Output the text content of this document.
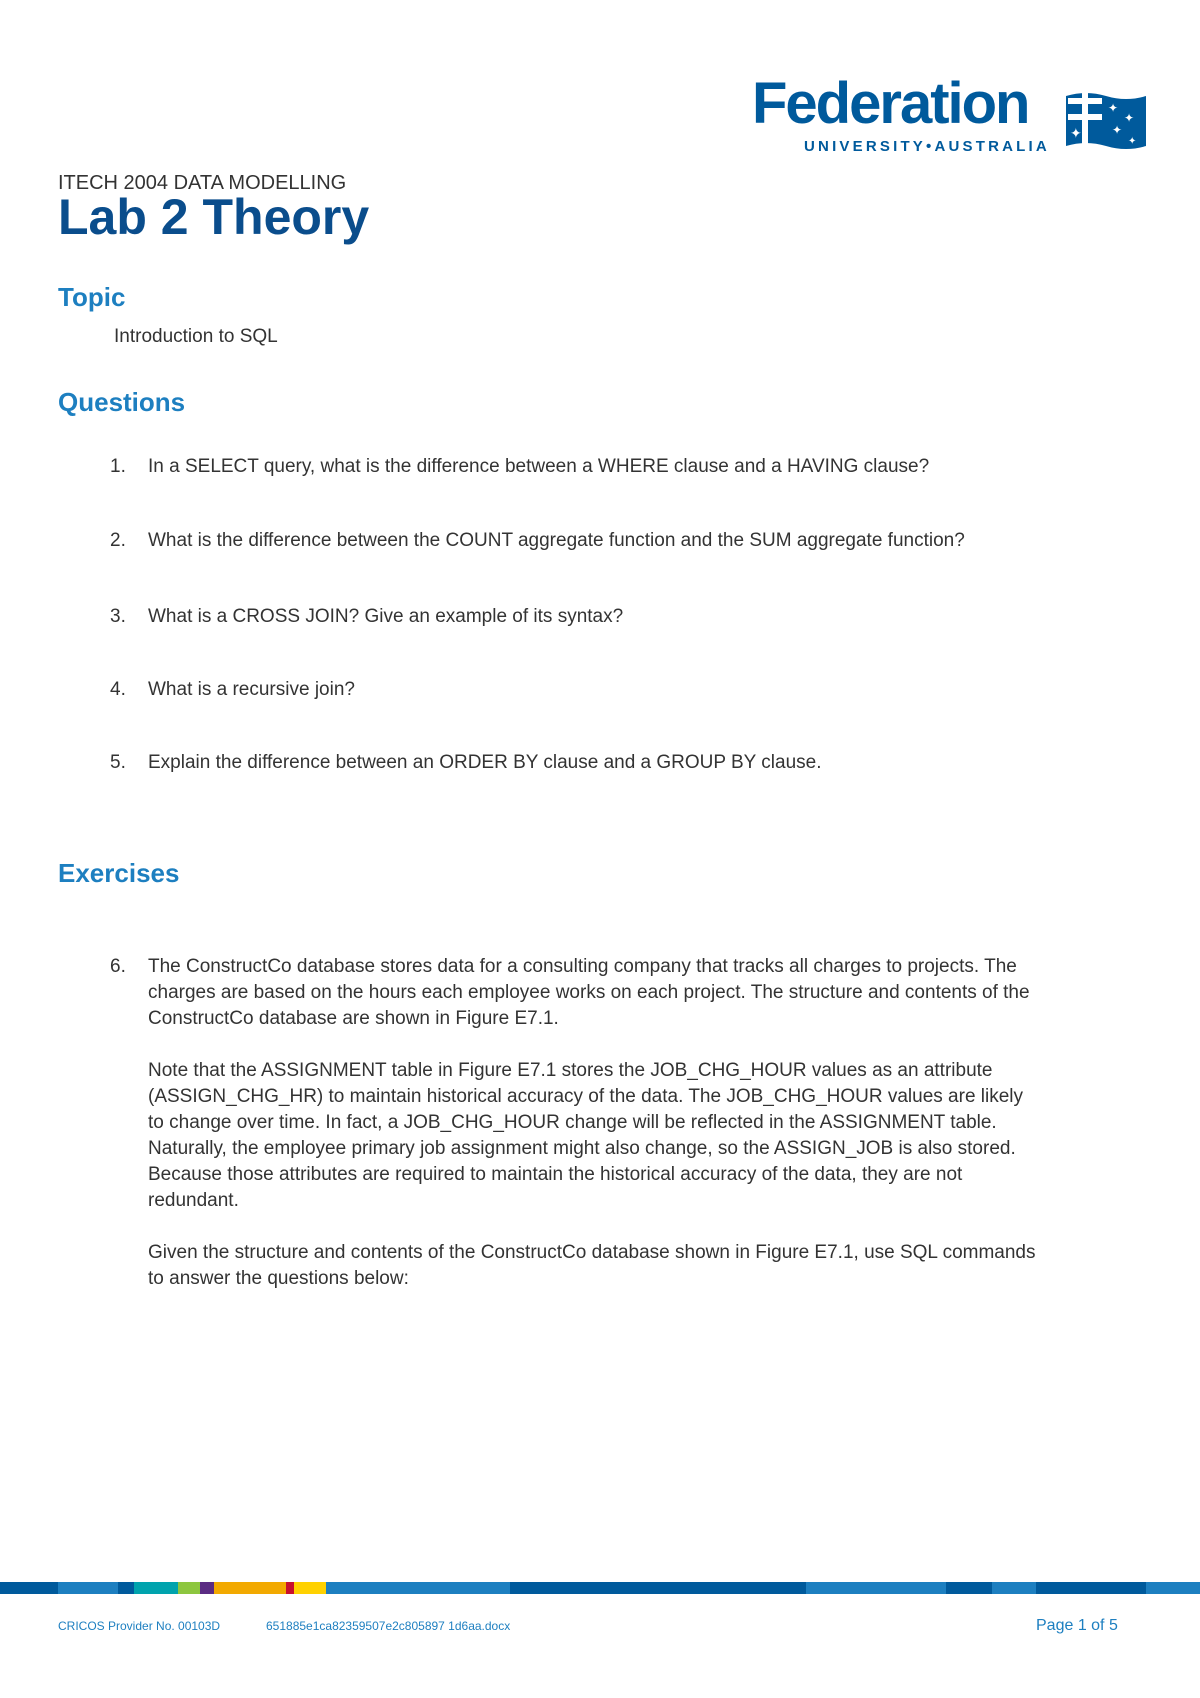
Federation
UNIVERSITY•AUSTRALIA
✦
✦
✦
✦
✦
ITECH 2004 DATA MODELLING
Lab 2 Theory
Topic
Introduction to SQL
Questions
1.	In a SELECT query, what is the difference between a WHERE clause and a HAVING clause?
2.	What is the difference between the COUNT aggregate function and the SUM aggregate function?
3.	What is a CROSS JOIN? Give an example of its syntax?
4.	What is a recursive join?
5.	Explain the difference between an ORDER BY clause and a GROUP BY clause.
Exercises
6. The ConstructCo database stores data for a consulting company that tracks all charges to projects. The charges are based on the hours each employee works on each project. The structure and contents of the ConstructCo database are shown in Figure E7.1.

Note that the ASSIGNMENT table in Figure E7.1 stores the JOB_CHG_HOUR values as an attribute (ASSIGN_CHG_HR) to maintain historical accuracy of the data. The JOB_CHG_HOUR values are likely to change over time. In fact, a JOB_CHG_HOUR change will be reflected in the ASSIGNMENT table. Naturally, the employee primary job assignment might also change, so the ASSIGN_JOB is also stored. Because those attributes are required to maintain the historical accuracy of the data, they are not redundant.

Given the structure and contents of the ConstructCo database shown in Figure E7.1, use SQL commands to answer the questions below:

CRICOS Provider No. 00103D	651885e1ca82359507e2c805897 1d6aa.docx	Page 1 of 5
